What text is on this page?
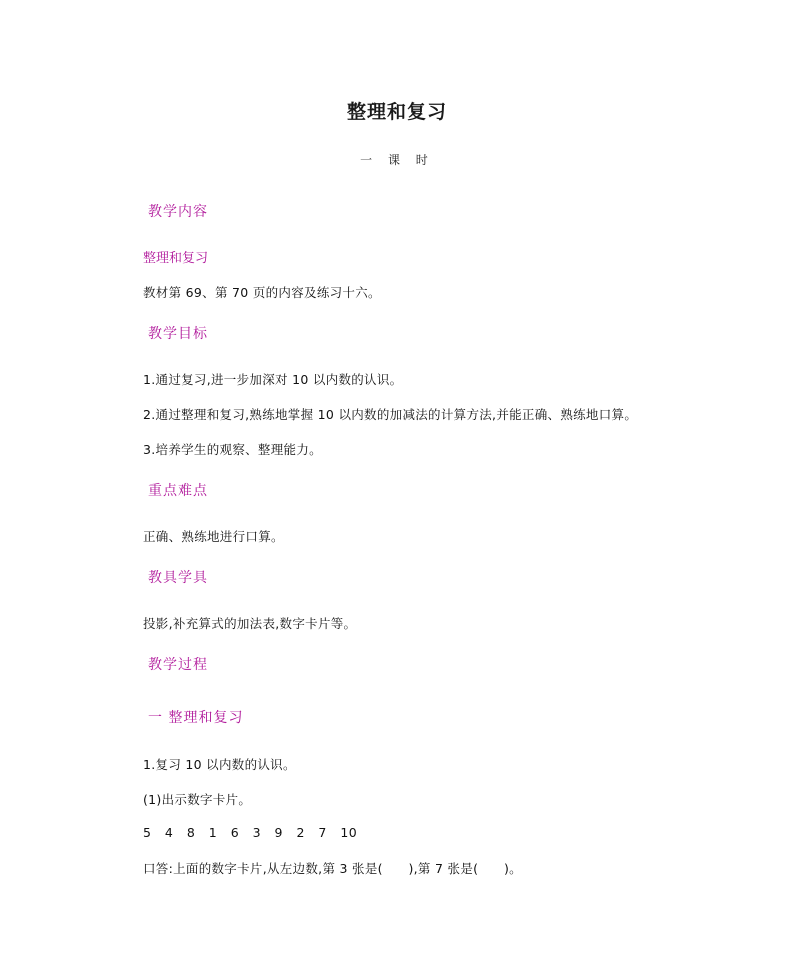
整理和复习
一 课 时
教学内容
整理和复习
教材第 69、第 70 页的内容及练习十六。
教学目标
1.通过复习,进一步加深对 10 以内数的认识。
2.通过整理和复习,熟练地掌握 10 以内数的加减法的计算方法,并能正确、熟练地口算。
3.培养学生的观察、整理能力。
重点难点
正确、熟练地进行口算。
教具学具
投影,补充算式的加法表,数字卡片等。
教学过程
一 整理和复习
1.复习 10 以内数的认识。
(1)出示数字卡片。
5 4 8 1 6 3 9 2 7 10
口答:上面的数字卡片,从左边数,第 3 张是(      ),第 7 张是(      )。
